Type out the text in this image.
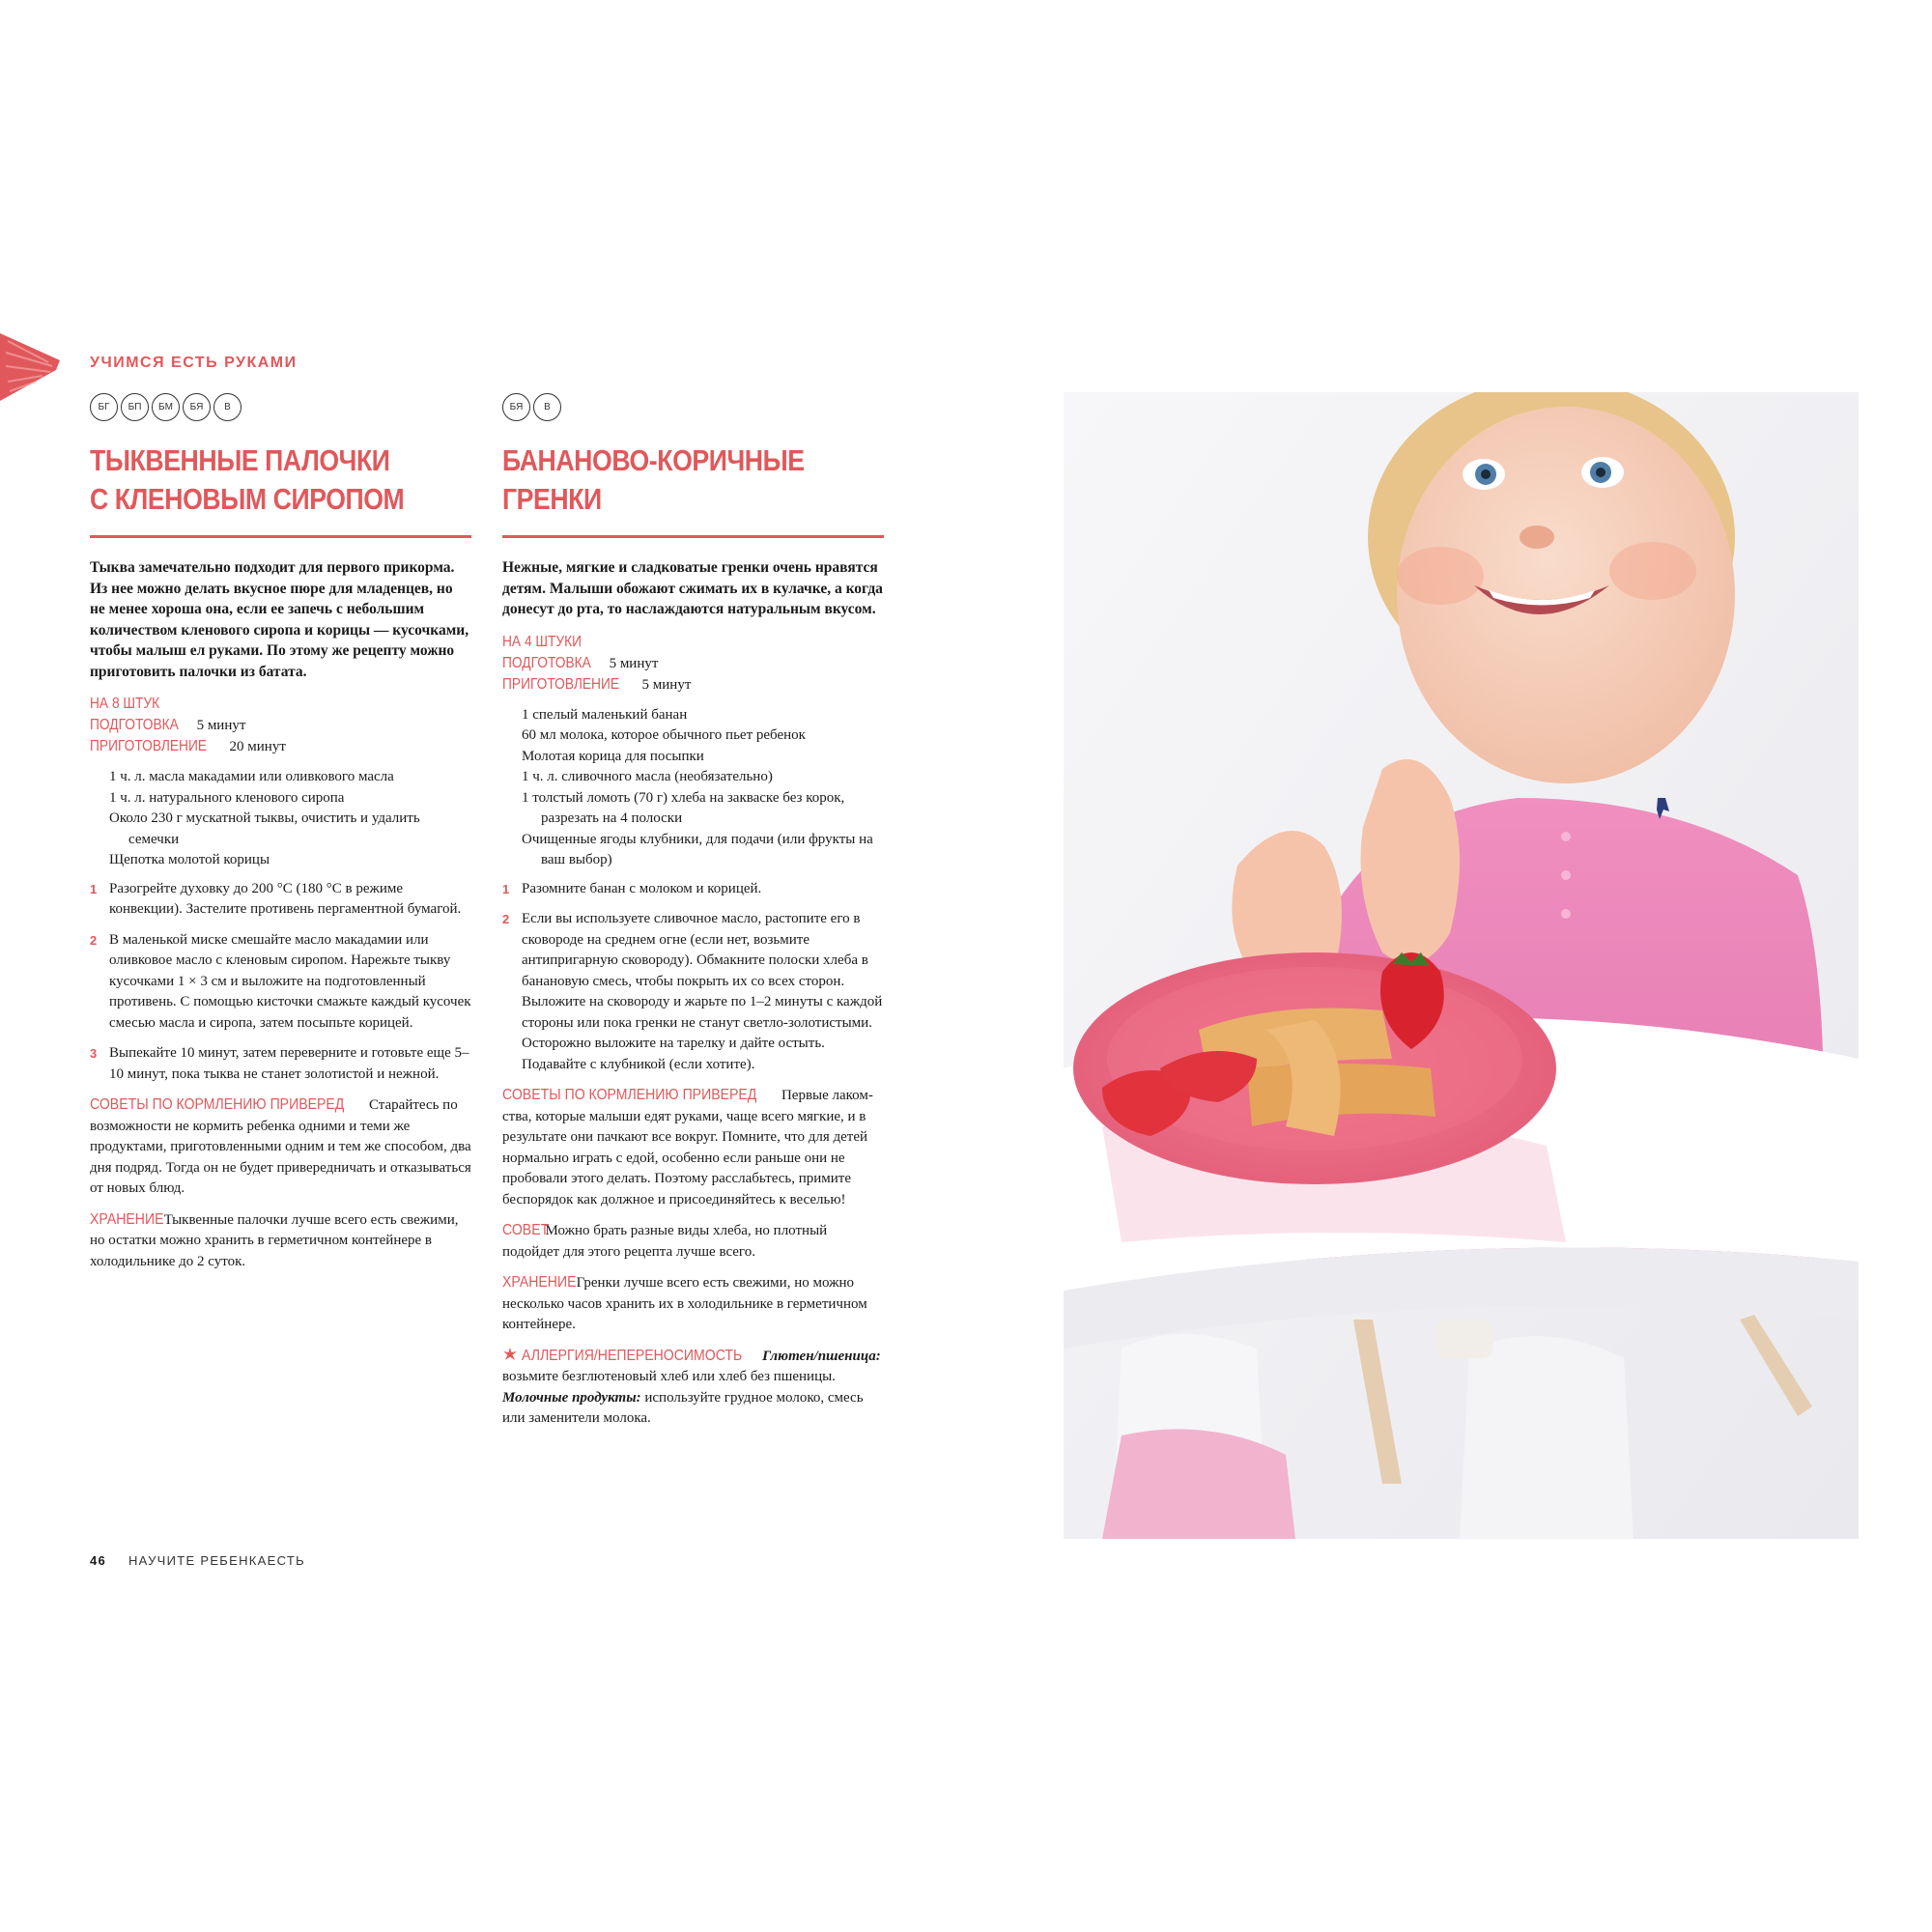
УЧИМСЯ ЕСТЬ РУКАМИ
БГ	БП	БМ	БЯ	В
ТЫКВЕННЫЕ ПАЛОЧКИ
С КЛЕНОВЫМ СИРОПОМ

Тыква замечательно подходит для первого прикорма. Из нее можно делать вкусное пюре для младенцев, но не менее хороша она, если ее запечь с небольшим количеством кленового сиропа и корицы — кусочками, чтобы малыш ел руками. По этому же рецепту можно приготовить палочки из батата.

НА 8 ШТУК
ПОДГОТОВКА 5 минут
ПРИГОТОВЛЕНИЕ 20 минут
1 ч. л. масла макадамии или оливкового масла
1 ч. л. натурального кленового сиропа
Около 230 г мускатной тыквы, очистить и удалить семечки
Щепотка молотой корицы
1 Разогрейте духовку до 200 °C (180 °C в режиме конвекции). Застелите противень пергаментной бумагой.
2 В маленькой миске смешайте масло макадамии или оливковое масло с кленовым сиропом. Нарежьте тыкву кусочками 1 × 3 см и выложите на подготовленный противень. С помощью кисточки смажьте каждый кусочек смесью масла и сиропа, затем посыпьте корицей.
3 Выпекайте 10 минут, затем переверните и готовьте еще 5–10 минут, пока тыква не станет золотистой и нежной.

СОВЕТЫ ПО КОРМЛЕНИЮ ПРИВЕРЕД Старайтесь по возможности не кормить ребенка одними и теми же продуктами, приготовленными одним и тем же способом, два дня подряд. Тогда он не будет привередничать и отказываться от новых блюд.

ХРАНЕНИЕ Тыквенные палочки лучше всего есть свежими, но остатки можно хранить в герметичном контейнере в холодильнике до 2 суток.

БЯ	В
БАНАНОВО-КОРИЧНЫЕ
ГРЕНКИ

Нежные, мягкие и сладковатые гренки очень нравятся детям. Малыши обожают сжимать их в кулачке, а когда донесут до рта, то наслаждаются натуральным вкусом.

НА 4 ШТУКИ
ПОДГОТОВКА 5 минут
ПРИГОТОВЛЕНИЕ 5 минут
1 спелый маленький банан
60 мл молока, которое обычного пьет ребенок
Молотая корица для посыпки
1 ч. л. сливочного масла (необязательно)
1 толстый ломоть (70 г) хлеба на закваске без корок, разрезать на 4 полоски
Очищенные ягоды клубники, для подачи (или фрукты на ваш выбор)
1 Разомните банан с молоком и корицей.
2 Если вы используете сливочное масло, растопите его в сковороде на среднем огне (если нет, возьмите антипригарную сковороду). Обмакните полоски хлеба в банановую смесь, чтобы покрыть их со всех сторон. Выложите на сковороду и жарьте по 1–2 минуты с каждой стороны или пока гренки не станут светло-золотистыми. Осторожно выложите на тарелку и дайте остыть. Подавайте с клубникой (если хотите).

СОВЕТЫ ПО КОРМЛЕНИЮ ПРИВЕРЕД Первые лакомства, которые малыши едят руками, чаще всего мягкие, и в результате они пачкают все вокруг. Помните, что для детей нормально играть с едой, особенно если раньше они не пробовали этого делать. Поэтому расслабьтесь, примите беспорядок как должное и присоединяйтесь к веселью!

СОВЕТ Можно брать разные виды хлеба, но плотный подойдет для этого рецепта лучше всего.

ХРАНЕНИЕ Гренки лучше всего есть свежими, но можно несколько часов хранить их в холодильнике в герметичном контейнере.

АЛЛЕРГИЯ/НЕПЕРЕНОСИМОСТЬ Глютен/пшеница: возьмите безглютеновый хлеб или хлеб без пшеницы. Молочные продукты: используйте грудное молоко, смесь или заменители молока.

46 НАУЧИТЕ РЕБЕНКАЕСТЬ
